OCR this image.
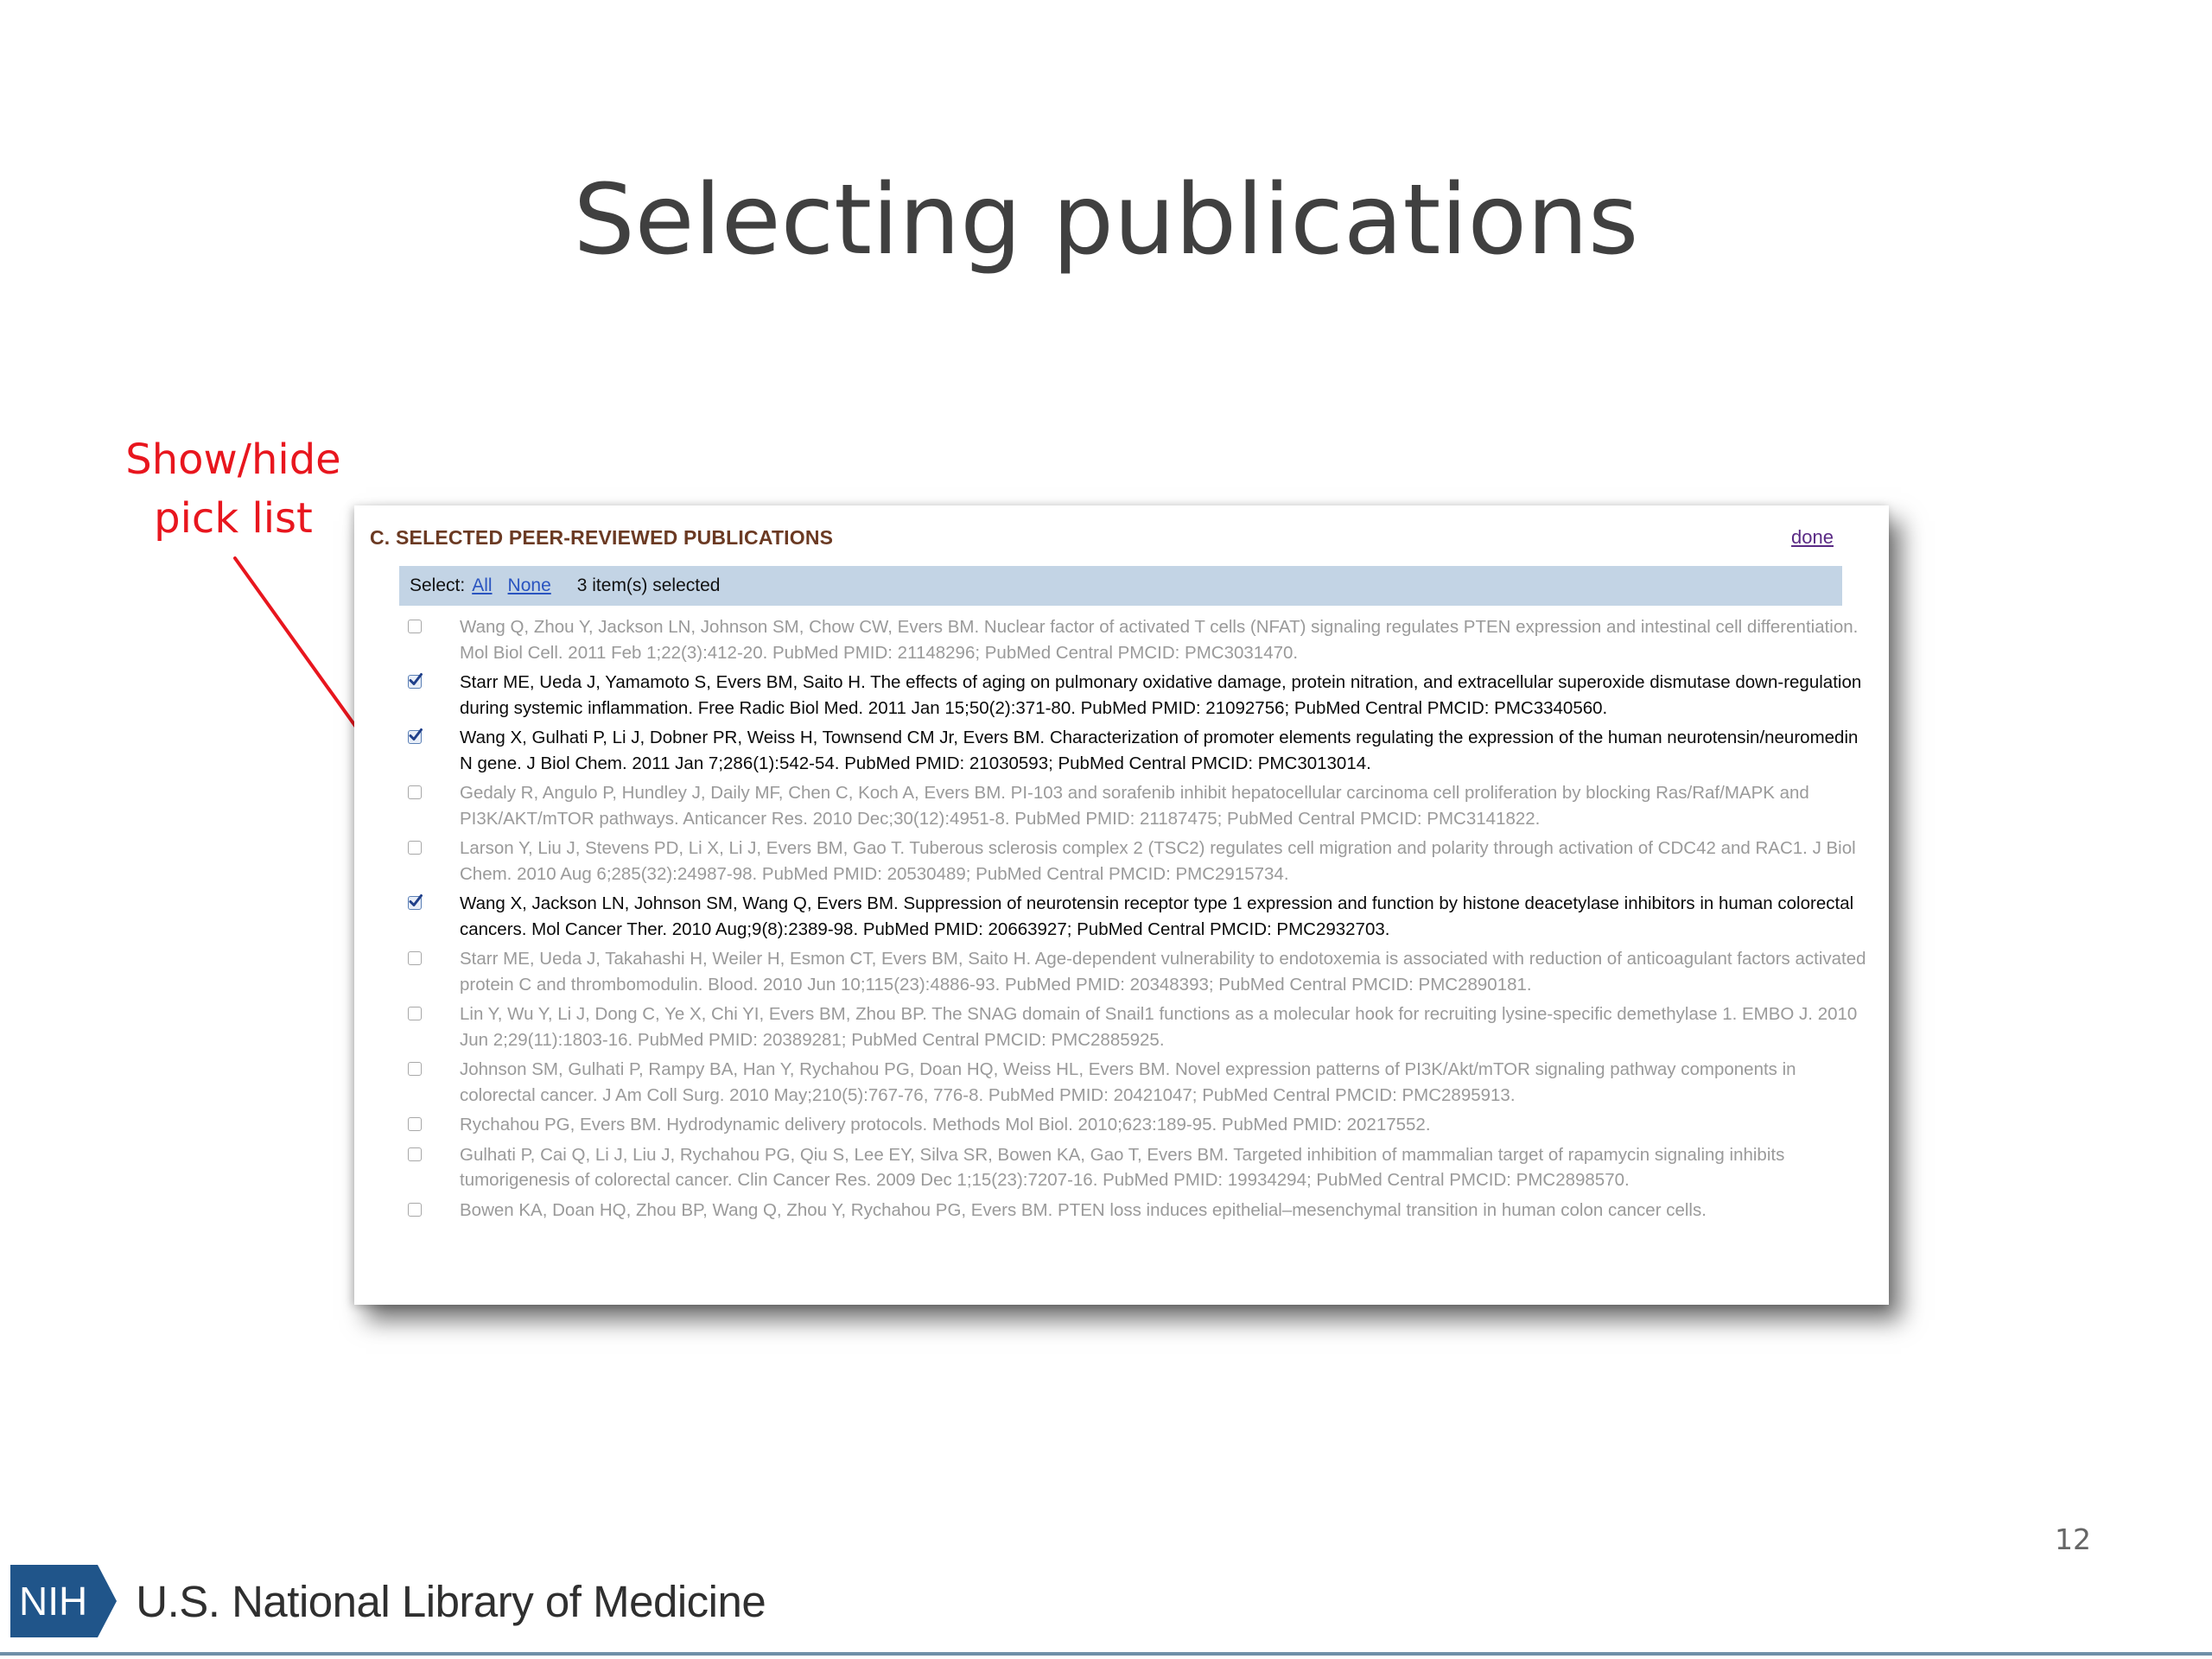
Selecting publications
Show/hide
pick list	C. SELECTED PEER-REVIEWED PUBLICATIONS	done
Select: All None 3 item(s) selected
Wang Q, Zhou Y, Jackson LN, Johnson SM, Chow CW, Evers BM. Nuclear factor of activated T cells (NFAT) signaling regulates PTEN expression and intestinal cell differentiation. Mol Biol Cell. 2011 Feb 1;22(3):412-20. PubMed PMID: 21148296; PubMed Central PMCID: PMC3031470.
Starr ME, Ueda J, Yamamoto S, Evers BM, Saito H. The effects of aging on pulmonary oxidative damage, protein nitration, and extracellular superoxide dismutase down-regulation during systemic inflammation. Free Radic Biol Med. 2011 Jan 15;50(2):371-80. PubMed PMID: 21092756; PubMed Central PMCID: PMC3340560.
Wang X, Gulhati P, Li J, Dobner PR, Weiss H, Townsend CM Jr, Evers BM. Characterization of promoter elements regulating the expression of the human neurotensin/neuromedin N gene. J Biol Chem. 2011 Jan 7;286(1):542-54. PubMed PMID: 21030593; PubMed Central PMCID: PMC3013014.
Gedaly R, Angulo P, Hundley J, Daily MF, Chen C, Koch A, Evers BM. PI-103 and sorafenib inhibit hepatocellular carcinoma cell proliferation by blocking Ras/Raf/MAPK and PI3K/AKT/mTOR pathways. Anticancer Res. 2010 Dec;30(12):4951-8. PubMed PMID: 21187475; PubMed Central PMCID: PMC3141822.
Larson Y, Liu J, Stevens PD, Li X, Li J, Evers BM, Gao T. Tuberous sclerosis complex 2 (TSC2) regulates cell migration and polarity through activation of CDC42 and RAC1. J Biol Chem. 2010 Aug 6;285(32):24987-98. PubMed PMID: 20530489; PubMed Central PMCID: PMC2915734.
Wang X, Jackson LN, Johnson SM, Wang Q, Evers BM. Suppression of neurotensin receptor type 1 expression and function by histone deacetylase inhibitors in human colorectal cancers. Mol Cancer Ther. 2010 Aug;9(8):2389-98. PubMed PMID: 20663927; PubMed Central PMCID: PMC2932703.
Starr ME, Ueda J, Takahashi H, Weiler H, Esmon CT, Evers BM, Saito H. Age-dependent vulnerability to endotoxemia is associated with reduction of anticoagulant factors activated protein C and thrombomodulin. Blood. 2010 Jun 10;115(23):4886-93. PubMed PMID: 20348393; PubMed Central PMCID: PMC2890181.
Lin Y, Wu Y, Li J, Dong C, Ye X, Chi YI, Evers BM, Zhou BP. The SNAG domain of Snail1 functions as a molecular hook for recruiting lysine-specific demethylase 1. EMBO J. 2010 Jun 2;29(11):1803-16. PubMed PMID: 20389281; PubMed Central PMCID: PMC2885925.
Johnson SM, Gulhati P, Rampy BA, Han Y, Rychahou PG, Doan HQ, Weiss HL, Evers BM. Novel expression patterns of PI3K/Akt/mTOR signaling pathway components in colorectal cancer. J Am Coll Surg. 2010 May;210(5):767-76, 776-8. PubMed PMID: 20421047; PubMed Central PMCID: PMC2895913.
Rychahou PG, Evers BM. Hydrodynamic delivery protocols. Methods Mol Biol. 2010;623:189-95. PubMed PMID: 20217552.
Gulhati P, Cai Q, Li J, Liu J, Rychahou PG, Qiu S, Lee EY, Silva SR, Bowen KA, Gao T, Evers BM. Targeted inhibition of mammalian target of rapamycin signaling inhibits tumorigenesis of colorectal cancer. Clin Cancer Res. 2009 Dec 1;15(23):7207-16. PubMed PMID: 19934294; PubMed Central PMCID: PMC2898570.
Bowen KA, Doan HQ, Zhou BP, Wang Q, Zhou Y, Rychahou PG, Evers BM. PTEN loss induces epithelial–mesenchymal transition in human colon cancer cells.
12
NIH U.S. National Library of Medicine
